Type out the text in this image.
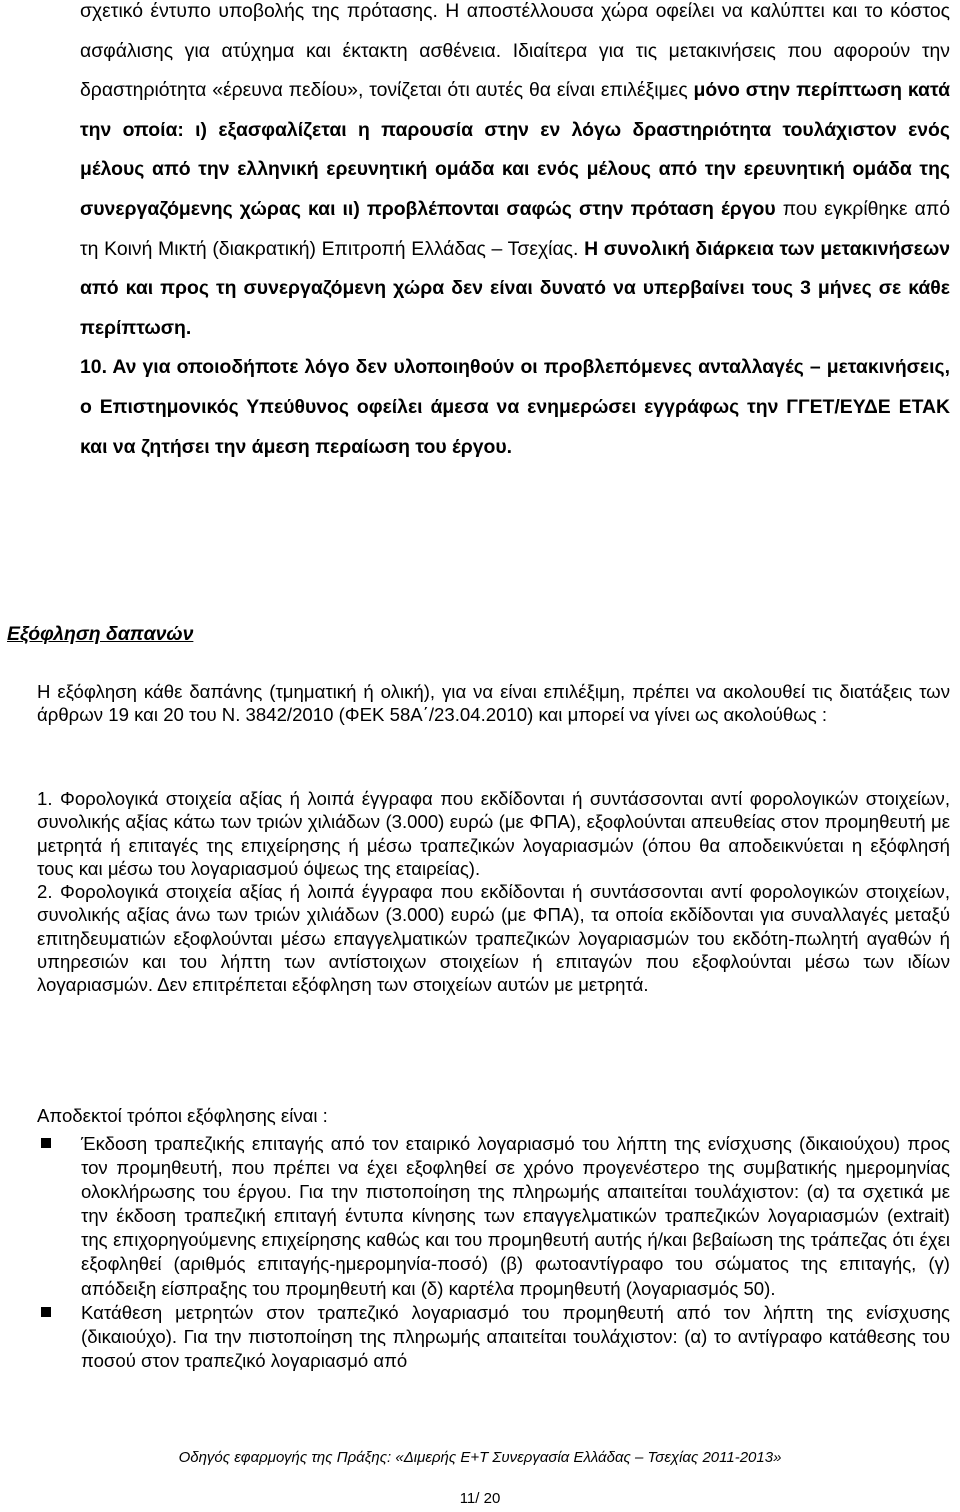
σχετικό έντυπο υποβολής της πρότασης. Η αποστέλλουσα χώρα οφείλει να καλύπτει και το κόστος ασφάλισης για ατύχημα και έκτακτη ασθένεια. Ιδιαίτερα για τις μετακινήσεις που αφορούν την δραστηριότητα «έρευνα πεδίου», τονίζεται ότι αυτές θα είναι επιλέξιμες μόνο στην περίπτωση κατά την οποία: ι) εξασφαλίζεται η παρουσία στην εν λόγω δραστηριότητα τουλάχιστον ενός μέλους από την ελληνική ερευνητική ομάδα και ενός μέλους από την ερευνητική ομάδα της συνεργαζόμενης χώρας και ιι) προβλέπονται σαφώς στην πρόταση έργου που εγκρίθηκε από τη Κοινή Μικτή (διακρατική) Επιτροπή Ελλάδας – Τσεχίας. Η συνολική διάρκεια των μετακινήσεων από και προς τη συνεργαζόμενη χώρα δεν είναι δυνατό να υπερβαίνει τους 3 μήνες σε κάθε περίπτωση.

10. Αν για οποιοδήποτε λόγο δεν υλοποιηθούν οι προβλεπόμενες ανταλλαγές – μετακινήσεις, ο Επιστημονικός Υπεύθυνος οφείλει άμεσα να ενημερώσει εγγράφως την ΓΓΕΤ/ΕΥΔΕ ΕΤΑΚ και να ζητήσει την άμεση περαίωση του έργου.

Εξόφληση δαπανών

Η εξόφληση κάθε δαπάνης (τμηματική ή ολική), για να είναι επιλέξιμη, πρέπει να ακολουθεί τις διατάξεις των άρθρων 19 και 20 του Ν. 3842/2010 (ΦΕΚ 58Α΄/23.04.2010) και μπορεί να γίνει ως ακολούθως :

1. Φορολογικά στοιχεία αξίας ή λοιπά έγγραφα που εκδίδονται ή συντάσσονται αντί φορολογικών στοιχείων, συνολικής αξίας κάτω των τριών χιλιάδων (3.000) ευρώ (με ΦΠΑ), εξοφλούνται απευθείας στον προμηθευτή με μετρητά ή επιταγές της επιχείρησης ή μέσω τραπεζικών λογαριασμών (όπου θα αποδεικνύεται η εξόφλησή τους και μέσω του λογαριασμού όψεως της εταιρείας).

2. Φορολογικά στοιχεία αξίας ή λοιπά έγγραφα που εκδίδονται ή συντάσσονται αντί φορολογικών στοιχείων, συνολικής αξίας άνω των τριών χιλιάδων (3.000) ευρώ (με ΦΠΑ), τα οποία εκδίδονται για συναλλαγές μεταξύ επιτηδευματιών εξοφλούνται μέσω επαγγελματικών τραπεζικών λογαριασμών του εκδότη-πωλητή αγαθών ή υπηρεσιών και του λήπτη των αντίστοιχων στοιχείων ή επιταγών που εξοφλούνται μέσω των ιδίων λογαριασμών. Δεν επιτρέπεται εξόφληση των στοιχείων αυτών με μετρητά.

Αποδεκτοί τρόποι εξόφλησης είναι :

Έκδοση τραπεζικής επιταγής από τον εταιρικό λογαριασμό του λήπτη της ενίσχυσης (δικαιούχου) προς τον προμηθευτή, που πρέπει να έχει εξοφληθεί σε χρόνο προγενέστερο της συμβατικής ημερομηνίας ολοκλήρωσης του έργου. Για την πιστοποίηση της πληρωμής απαιτείται τουλάχιστον: (α) τα σχετικά με την έκδοση τραπεζική επιταγή έντυπα κίνησης των επαγγελματικών τραπεζικών λογαριασμών (extrait) της επιχορηγούμενης επιχείρησης καθώς και του προμηθευτή αυτής ή/και βεβαίωση της τράπεζας ότι έχει εξοφληθεί (αριθμός επιταγής-ημερομηνία-ποσό) (β) φωτοαντίγραφο του σώματος της επιταγής, (γ) απόδειξη είσπραξης του προμηθευτή και (δ) καρτέλα προμηθευτή (λογαριασμός 50).
Κατάθεση μετρητών στον τραπεζικό λογαριασμό του προμηθευτή από τον λήπτη της ενίσχυσης (δικαιούχο). Για την πιστοποίηση της πληρωμής απαιτείται τουλάχιστον: (α) το αντίγραφο κατάθεσης του ποσού στον τραπεζικό λογαριασμό από
Οδηγός εφαρμογής της Πράξης: «Διμερής Ε+Τ Συνεργασία Ελλάδας – Τσεχίας 2011-2013»
11/ 20
